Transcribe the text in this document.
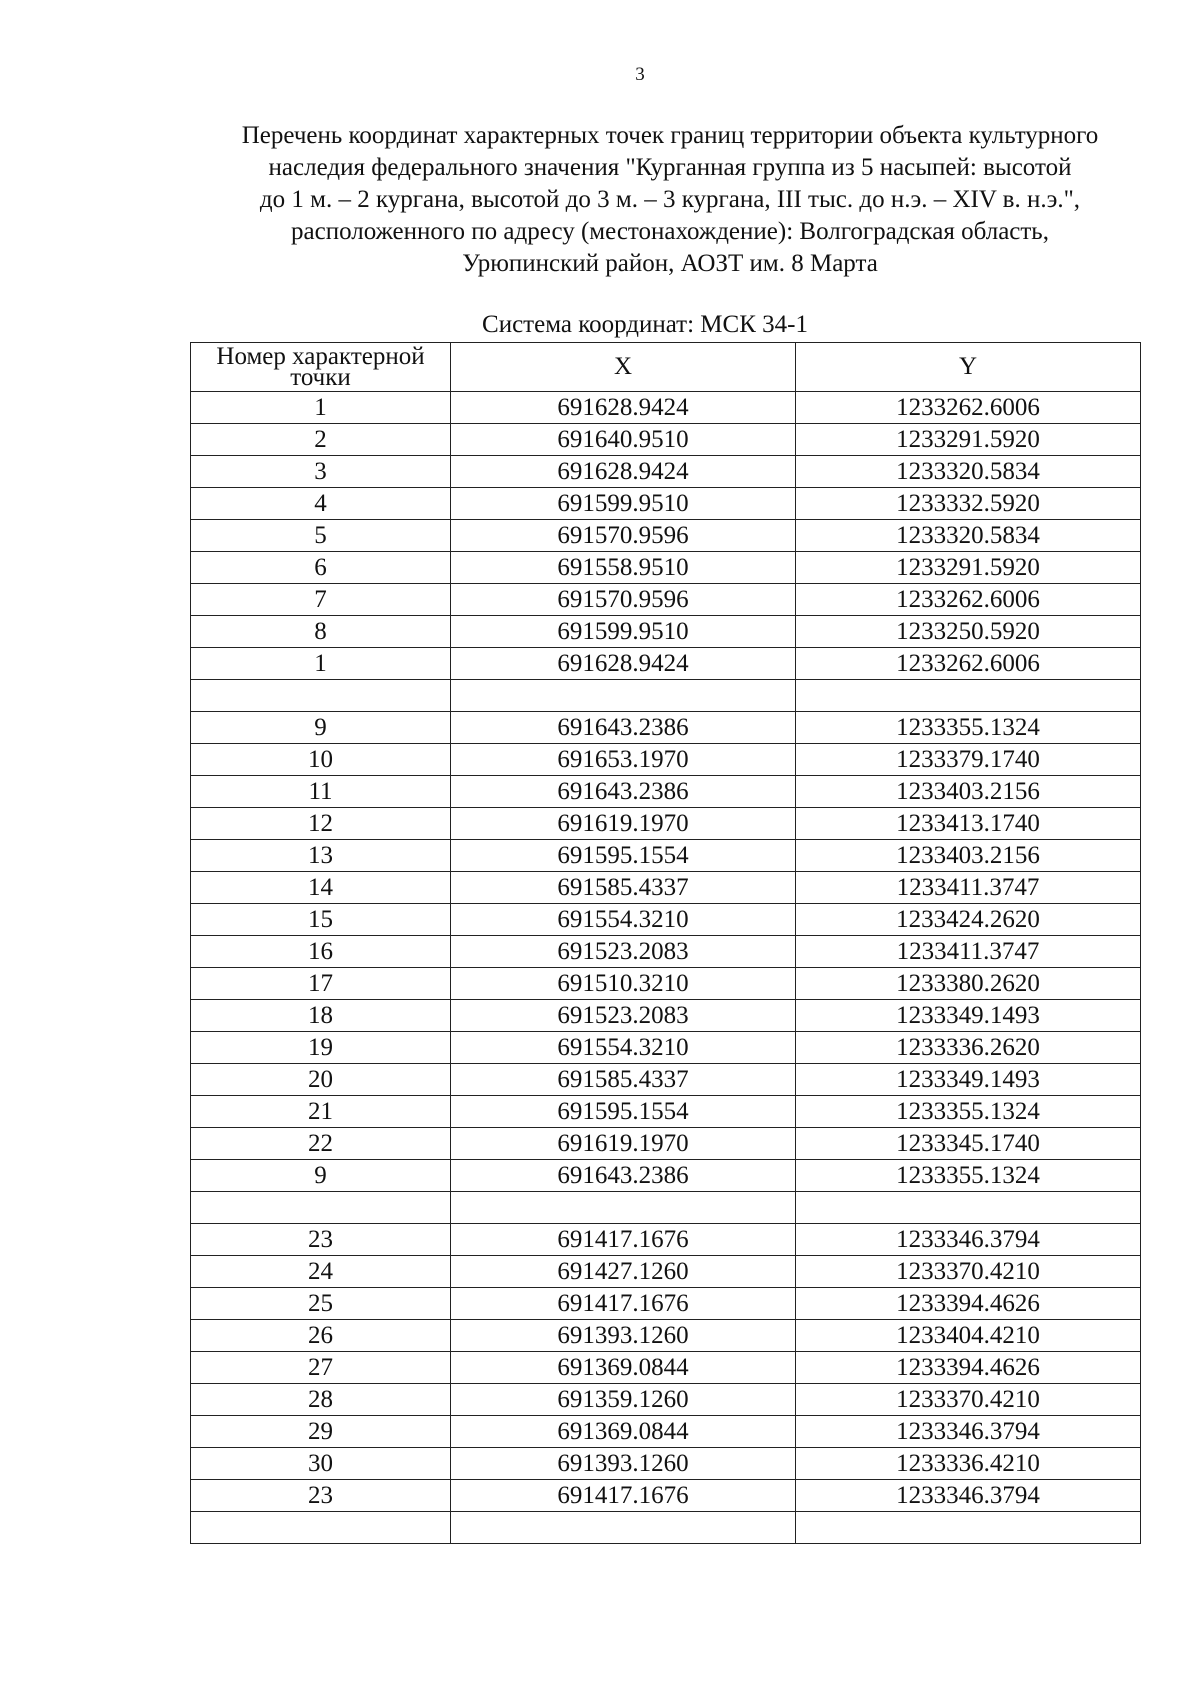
3
Перечень координат характерных точек границ территории объекта культурного
наследия федерального значения "Курганная группа из 5 насыпей: высотой
до 1 м. – 2 кургана, высотой до 3 м. – 3 кургана, III тыс. до н.э. – XIV в. н.э.",
расположенного по адресу (местонахождение): Волгоградская область,
Урюпинский район, АОЗТ им. 8 Марта
Система координат: МСК 34-1
Номер характерной
точки	X	Y
1	691628.9424	1233262.6006
2	691640.9510	1233291.5920
3	691628.9424	1233320.5834
4	691599.9510	1233332.5920
5	691570.9596	1233320.5834
6	691558.9510	1233291.5920
7	691570.9596	1233262.6006
8	691599.9510	1233250.5920
1	691628.9424	1233262.6006

9	691643.2386	1233355.1324
10	691653.1970	1233379.1740
11	691643.2386	1233403.2156
12	691619.1970	1233413.1740
13	691595.1554	1233403.2156
14	691585.4337	1233411.3747
15	691554.3210	1233424.2620
16	691523.2083	1233411.3747
17	691510.3210	1233380.2620
18	691523.2083	1233349.1493
19	691554.3210	1233336.2620
20	691585.4337	1233349.1493
21	691595.1554	1233355.1324
22	691619.1970	1233345.1740
9	691643.2386	1233355.1324

23	691417.1676	1233346.3794
24	691427.1260	1233370.4210
25	691417.1676	1233394.4626
26	691393.1260	1233404.4210
27	691369.0844	1233394.4626
28	691359.1260	1233370.4210
29	691369.0844	1233346.3794
30	691393.1260	1233336.4210
23	691417.1676	1233346.3794
